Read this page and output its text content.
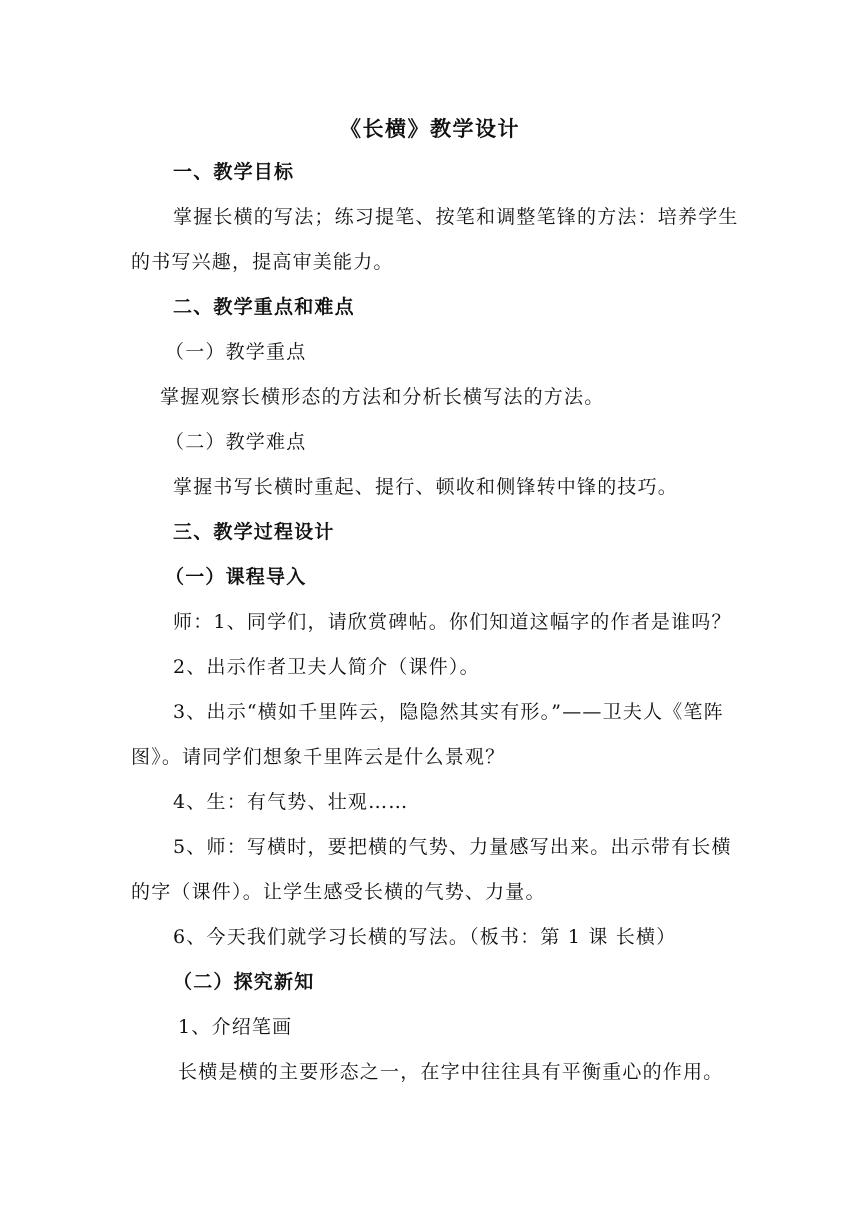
《长横》教学设计
一、教学目标
掌握长横的写法；练习提笔、按笔和调整笔锋的方法：培养学生
的书写兴趣，提高审美能力。
二、教学重点和难点
（一）教学重点
掌握观察长横形态的方法和分析长横写法的方法。
（二）教学难点
掌握书写长横时重起、提行、顿收和侧锋转中锋的技巧。
三、教学过程设计
（一）课程导入
师：1、同学们，请欣赏碑帖。你们知道这幅字的作者是谁吗？
2、出示作者卫夫人简介（课件）。
3、出示“横如千里阵云，隐隐然其实有形。”——卫夫人《笔阵
图》。请同学们想象千里阵云是什么景观？
4、生：有气势、壮观……
5、师：写横时，要把横的气势、力量感写出来。出示带有长横
的字（课件）。让学生感受长横的气势、力量。
6、今天我们就学习长横的写法。（板书：第 1 课 长横）
（二）探究新知
1、介绍笔画
长横是横的主要形态之一，在字中往往具有平衡重心的作用。
